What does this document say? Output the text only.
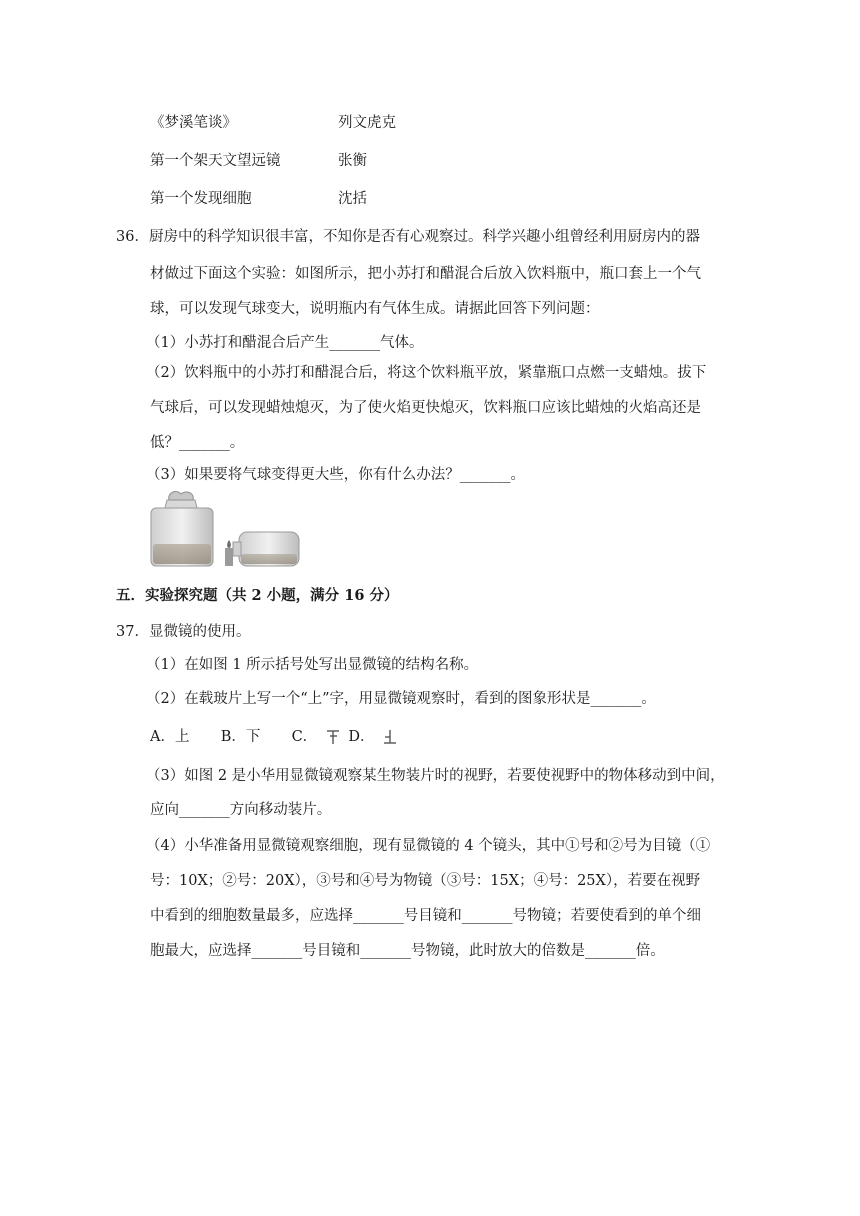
《梦溪笔谈》	列文虎克
第一个架天文望远镜	张衡
第一个发现细胞	沈括
36．厨房中的科学知识很丰富，不知你是否有心观察过。科学兴趣小组曾经利用厨房内的器
材做过下面这个实验：如图所示，把小苏打和醋混合后放入饮料瓶中，瓶口套上一个气
球，可以发现气球变大，说明瓶内有气体生成。请据此回答下列问题：
（1）小苏打和醋混合后产生_______气体。
（2）饮料瓶中的小苏打和醋混合后，将这个饮料瓶平放，紧靠瓶口点燃一支蜡烛。拔下
气球后，可以发现蜡烛熄灭，为了使火焰更快熄灭，饮料瓶口应该比蜡烛的火焰高还是
低？_______。
（3）如果要将气球变得更大些，你有什么办法？_______。
五．实验探究题（共 2 小题，满分 16 分）
37．显微镜的使用。
（1）在如图 1 所示括号处写出显微镜的结构名称。
（2）在载玻片上写一个“上”字，用显微镜观察时，看到的图象形状是_______。
A．上 B．下 C． D．
（3）如图 2 是小华用显微镜观察某生物装片时的视野，若要使视野中的物体移动到中间，
应向_______方向移动装片。
（4）小华准备用显微镜观察细胞，现有显微镜的 4 个镜头，其中①号和②号为目镜（①
号：10X；②号：20X），③号和④号为物镜（③号：15X；④号：25X），若要在视野
中看到的细胞数量最多，应选择_______号目镜和_______号物镜；若要使看到的单个细
胞最大，应选择_______号目镜和_______号物镜，此时放大的倍数是_______倍。
